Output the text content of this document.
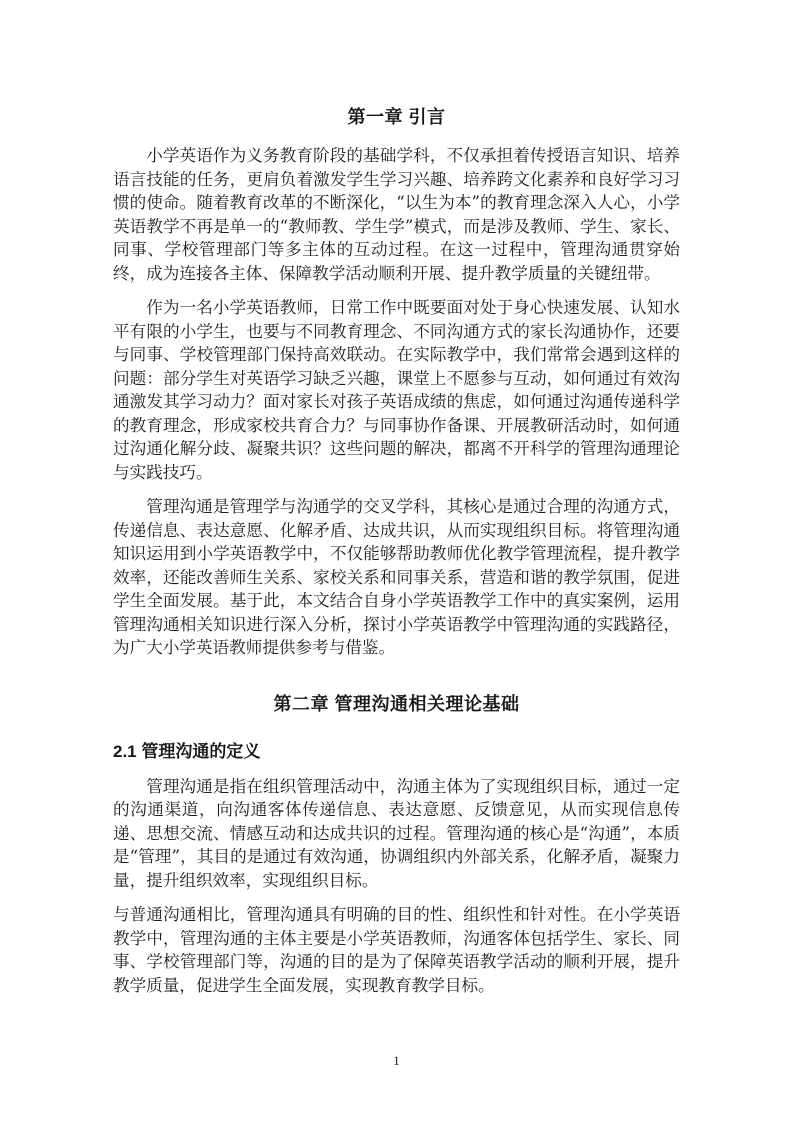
第一章 引言

小学英语作为义务教育阶段的基础学科，不仅承担着传授语言知识、培养语言技能的任务，更肩负着激发学生学习兴趣、培养跨文化素养和良好学习习惯的使命。随着教育改革的不断深化，“以生为本”的教育理念深入人心，小学英语教学不再是单一的“教师教、学生学”模式，而是涉及教师、学生、家长、同事、学校管理部门等多主体的互动过程。在这一过程中，管理沟通贯穿始终，成为连接各主体、保障教学活动顺利开展、提升教学质量的关键纽带。

作为一名小学英语教师，日常工作中既要面对处于身心快速发展、认知水平有限的小学生，也要与不同教育理念、不同沟通方式的家长沟通协作，还要与同事、学校管理部门保持高效联动。在实际教学中，我们常常会遇到这样的问题：部分学生对英语学习缺乏兴趣，课堂上不愿参与互动，如何通过有效沟通激发其学习动力？面对家长对孩子英语成绩的焦虑，如何通过沟通传递科学的教育理念，形成家校共育合力？与同事协作备课、开展教研活动时，如何通过沟通化解分歧、凝聚共识？这些问题的解决，都离不开科学的管理沟通理论与实践技巧。

管理沟通是管理学与沟通学的交叉学科，其核心是通过合理的沟通方式，传递信息、表达意愿、化解矛盾、达成共识，从而实现组织目标。将管理沟通知识运用到小学英语教学中，不仅能够帮助教师优化教学管理流程，提升教学效率，还能改善师生关系、家校关系和同事关系，营造和谐的教学氛围，促进学生全面发展。基于此，本文结合自身小学英语教学工作中的真实案例，运用管理沟通相关知识进行深入分析，探讨小学英语教学中管理沟通的实践路径，为广大小学英语教师提供参考与借鉴。

第二章 管理沟通相关理论基础
2.1 管理沟通的定义

管理沟通是指在组织管理活动中，沟通主体为了实现组织目标，通过一定的沟通渠道，向沟通客体传递信息、表达意愿、反馈意见，从而实现信息传递、思想交流、情感互动和达成共识的过程。管理沟通的核心是“沟通”，本质是“管理”，其目的是通过有效沟通，协调组织内外部关系，化解矛盾，凝聚力量，提升组织效率，实现组织目标。

与普通沟通相比，管理沟通具有明确的目的性、组织性和针对性。在小学英语教学中，管理沟通的主体主要是小学英语教师，沟通客体包括学生、家长、同事、学校管理部门等，沟通的目的是为了保障英语教学活动的顺利开展，提升教学质量，促进学生全面发展，实现教育教学目标。

1
